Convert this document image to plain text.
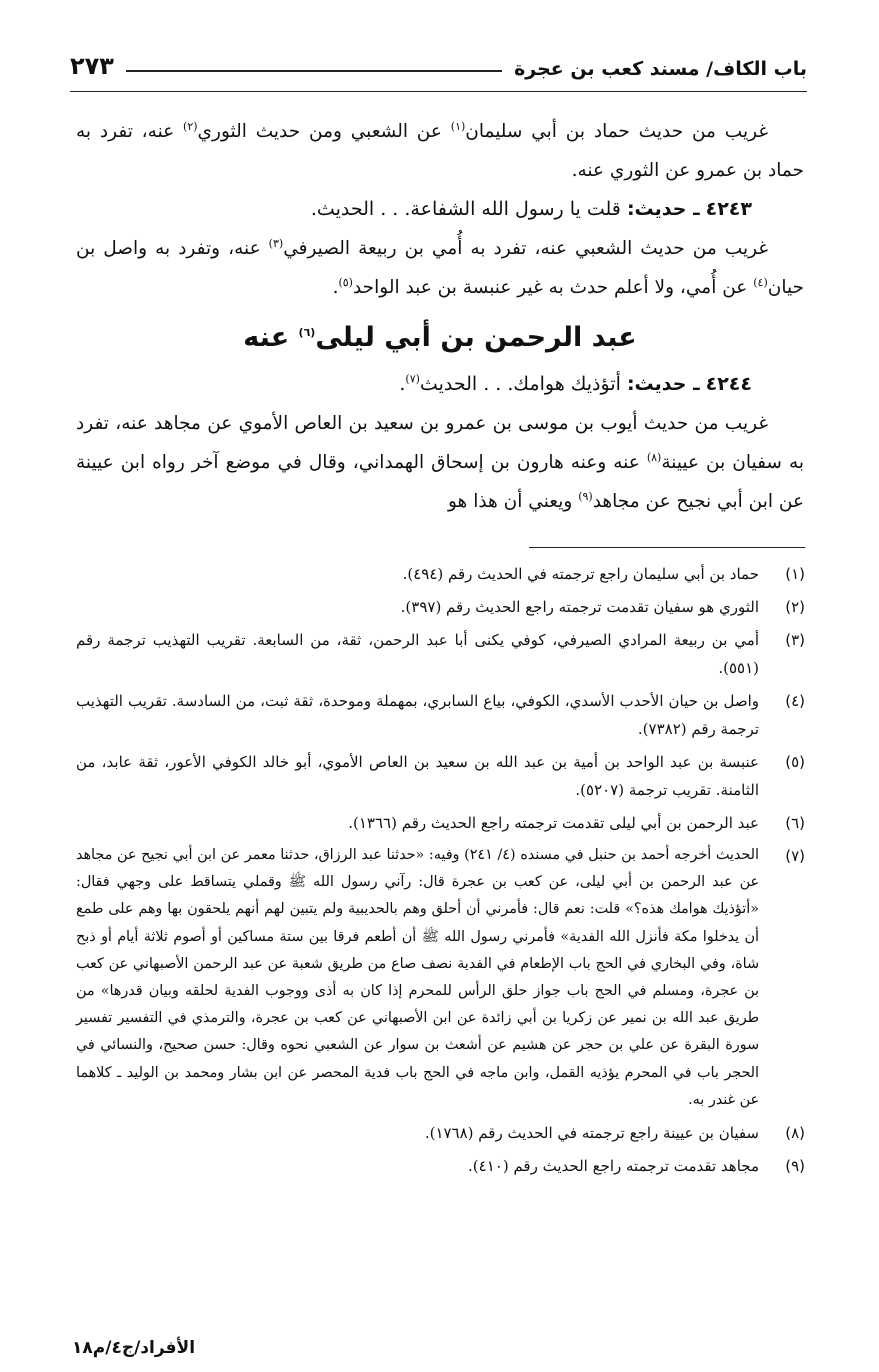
باب الكاف/ مسند كعب بن عجرة
٢٧٣

غريب من حديث حماد بن أبي سليمان$^{(١)}$ عن الشعبي ومن حديث الثوري$^{(٢)}$ عنه، تفرد به حماد بن عمرو عن الثوري عنه.

٤٢٤٣ ـ حديث: قلت يا رسول الله الشفاعة. . . الحديث.

غريب من حديث الشعبي عنه، تفرد به أُمي بن ربيعة الصيرفي$^{(٣)}$ عنه، وتفرد به واصل بن حيان$^{(٤)}$ عن أُمي، ولا أعلم حدث به غير عنبسة بن عبد الواحد$^{(٥)}$.

عبد الرحمن بن أبي ليلى$^{(٦)}$ عنه

٤٢٤٤ ـ حديث: أتؤذيك هوامك. . . الحديث$^{(٧)}$.

غريب من حديث أيوب بن موسى بن عمرو بن سعيد بن العاص الأموي عن مجاهد عنه، تفرد به سفيان بن عيينة$^{(٨)}$ عنه وعنه هارون بن إسحاق الهمداني، وقال في موضع آخر رواه ابن عيينة عن ابن أبي نجيح عن مجاهد$^{(٩)}$ ويعني أن هذا هو

(١)
حماد بن أبي سليمان راجع ترجمته في الحديث رقم (٤٩٤).
(٢)
الثوري هو سفيان تقدمت ترجمته راجع الحديث رقم (٣٩٧).
(٣)
أمي بن ربيعة المرادي الصيرفي، كوفي يكنى أبا عبد الرحمن، ثقة، من السابعة. تقريب التهذيب ترجمة رقم (٥٥١).
(٤)
واصل بن حيان الأحدب الأسدي، الكوفي، بياع السابري، بمهملة وموحدة، ثقة ثبت، من السادسة. تقريب التهذيب ترجمة رقم (٧٣٨٢).
(٥)
عنبسة بن عبد الواحد بن أمية بن عبد الله بن سعيد بن العاص الأموي، أبو خالد الكوفي الأعور، ثقة عابد، من الثامنة. تقريب ترجمة (٥٢٠٧).
(٦)
عبد الرحمن بن أبي ليلى تقدمت ترجمته راجع الحديث رقم (١٣٦٦).
(٧)
الحديث أخرجه أحمد بن حنبل في مسنده (٤/ ٢٤١) وفيه: «حدثنا عبد الرزاق، حدثنا معمر عن ابن أبي نجيح عن مجاهد عن عبد الرحمن بن أبي ليلى، عن كعب بن عجرة قال: رآني رسول الله ﷺ وقملي يتساقط على وجهي فقال: «أتؤذيك هوامك هذه؟» قلت: نعم قال: فأمرني أن أحلق وهم بالحديبية ولم يتبين لهم أنهم يلحقون بها وهم على طمع أن يدخلوا مكة فأنزل الله الفدية» فأمرني رسول الله ﷺ أن أطعم فرقا بين ستة مساكين أو أصوم ثلاثة أيام أو ذبح شاة، وفي البخاري في الحج باب الإطعام في الفدية نصف صاع من طريق شعبة عن عبد الرحمن الأصبهاني عن كعب بن عجرة، ومسلم في الحج باب جواز حلق الرأس للمحرم إذا كان به أذى ووجوب الفدية لحلقه وبيان قدرها» من طريق عبد الله بن نمير عن زكريا بن أبي زائدة عن ابن الأصبهاني عن كعب بن عجرة، والترمذي في التفسير تفسير سورة البقرة عن علي بن حجر عن هشيم عن أشعث بن سوار عن الشعبي نحوه وقال: حسن صحيح، والنسائي في الحجر باب في المحرم يؤذيه القمل، وابن ماجه في الحج باب فدية المحصر عن ابن بشار ومحمد بن الوليد ـ كلاهما عن غندر به.
(٨)
سفيان بن عيينة راجع ترجمته في الحديث رقم (١٧٦٨).
(٩)
مجاهد تقدمت ترجمته راجع الحديث رقم (٤١٠).
الأفراد/ج٤/م١٨
